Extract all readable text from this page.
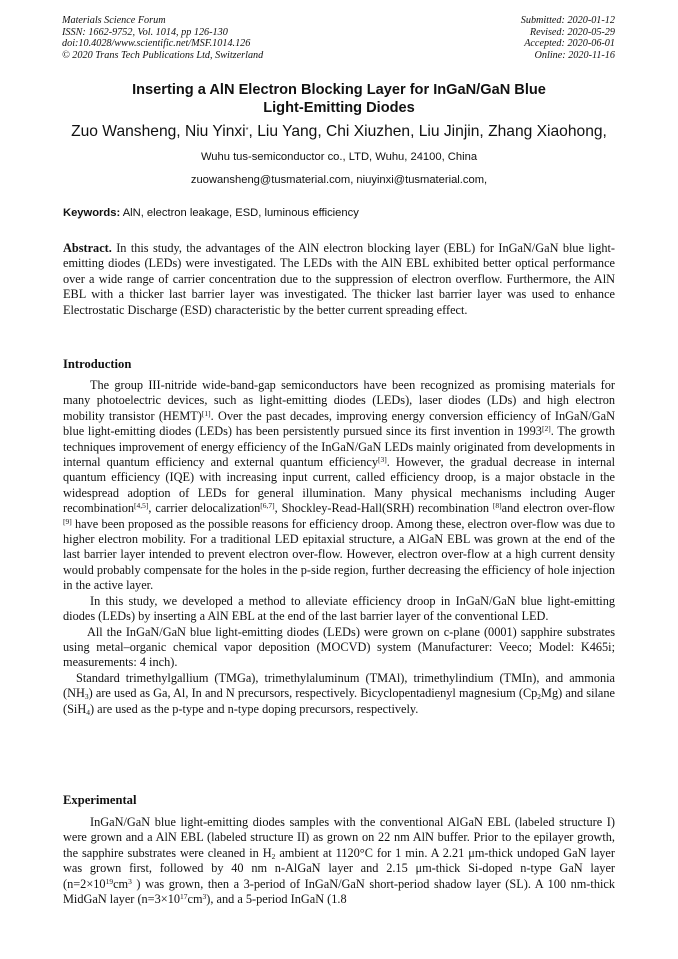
Materials Science Forum
ISSN: 1662-9752, Vol. 1014, pp 126-130
doi:10.4028/www.scientific.net/MSF.1014.126
© 2020 Trans Tech Publications Ltd, Switzerland
Submitted: 2020-01-12
Revised: 2020-05-29
Accepted: 2020-06-01
Online: 2020-11-16
Inserting a AlN Electron Blocking Layer for InGaN/GaN Blue
Light-Emitting Diodes
Zuo Wansheng, Niu Yinxi*, Liu Yang, Chi Xiuzhen, Liu Jinjin, Zhang Xiaohong,
Wuhu tus-semiconductor co., LTD, Wuhu, 24100, China
zuowansheng@tusmaterial.com, niuyinxi@tusmaterial.com,
Keywords: AlN, electron leakage, ESD, luminous efficiency
Abstract. In this study, the advantages of the AlN electron blocking layer (EBL) for InGaN/GaN blue light-emitting diodes (LEDs) were investigated. The LEDs with the AlN EBL exhibited better optical performance over a wide range of carrier concentration due to the suppression of electron overflow. Furthermore, the AlN EBL with a thicker last barrier layer was investigated. The thicker last barrier layer was used to enhance Electrostatic Discharge (ESD) characteristic by the better current spreading effect.
Introduction

The group III-nitride wide-band-gap semiconductors have been recognized as promising materials for many photoelectric devices, such as light-emitting diodes (LEDs), laser diodes (LDs) and high electron mobility transistor (HEMT)[1]. Over the past decades, improving energy conversion efficiency of InGaN/GaN blue light-emitting diodes (LEDs) has been persistently pursued since its first invention in 1993[2]. The growth techniques improvement of energy efficiency of the InGaN/GaN LEDs mainly originated from developments in internal quantum efficiency and external quantum efficiency[3]. However, the gradual decrease in internal quantum efficiency (IQE) with increasing input current, called efficiency droop, is a major obstacle in the widespread adoption of LEDs for general illumination. Many physical mechanisms including Auger recombination[4,5], carrier delocalization[6,7], Shockley-Read-Hall(SRH) recombination [8]and electron over-flow [9] have been proposed as the possible reasons for efficiency droop. Among these, electron over-flow was due to higher electron mobility. For a traditional LED epitaxial structure, a AlGaN EBL was grown at the end of the last barrier layer intended to prevent electron over-flow. However, electron over-flow at a high current density would probably compensate for the holes in the p-side region, further decreasing the efficiency of hole injection in the active layer.

In this study, we developed a method to alleviate efficiency droop in InGaN/GaN blue light-emitting diodes (LEDs) by inserting a AlN EBL at the end of the last barrier layer of the conventional LED.

All the InGaN/GaN blue light-emitting diodes (LEDs) were grown on c-plane (0001) sapphire substrates using metal–organic chemical vapor deposition (MOCVD) system (Manufacturer: Veeco; Model: K465i; measurements: 4 inch).

Standard trimethylgallium (TMGa), trimethylaluminum (TMAl), trimethylindium (TMIn), and ammonia $(NH_3)$ are used as Ga, Al, In and N precursors, respectively. Bicyclopentadienyl magnesium $(Cp_2Mg)$ and silane (SiH$_4$) are used as the p-type and n-type doping precursors, respectively.

Experimental

InGaN/GaN blue light-emitting diodes samples with the conventional AlGaN EBL (labeled structure I) were grown and a AlN EBL (labeled structure II) as grown on 22 nm AlN buffer. Prior to the epilayer growth, the sapphire substrates were cleaned in $H_2$ ambient at 1120°C for 1 min. A 2.21 μm-thick undoped GaN layer was grown first, followed by 40 nm n-AlGaN layer and 2.15 μm-thick Si-doped n-type GaN layer ($n=2\times 10^{19}cm^3$ ) was grown, then a 3-period of InGaN/GaN short-period shadow layer (SL). A 100 nm-thick MidGaN layer $(n=3\times 10^{17}cm^3)$, and a 5-period InGaN (1.8
